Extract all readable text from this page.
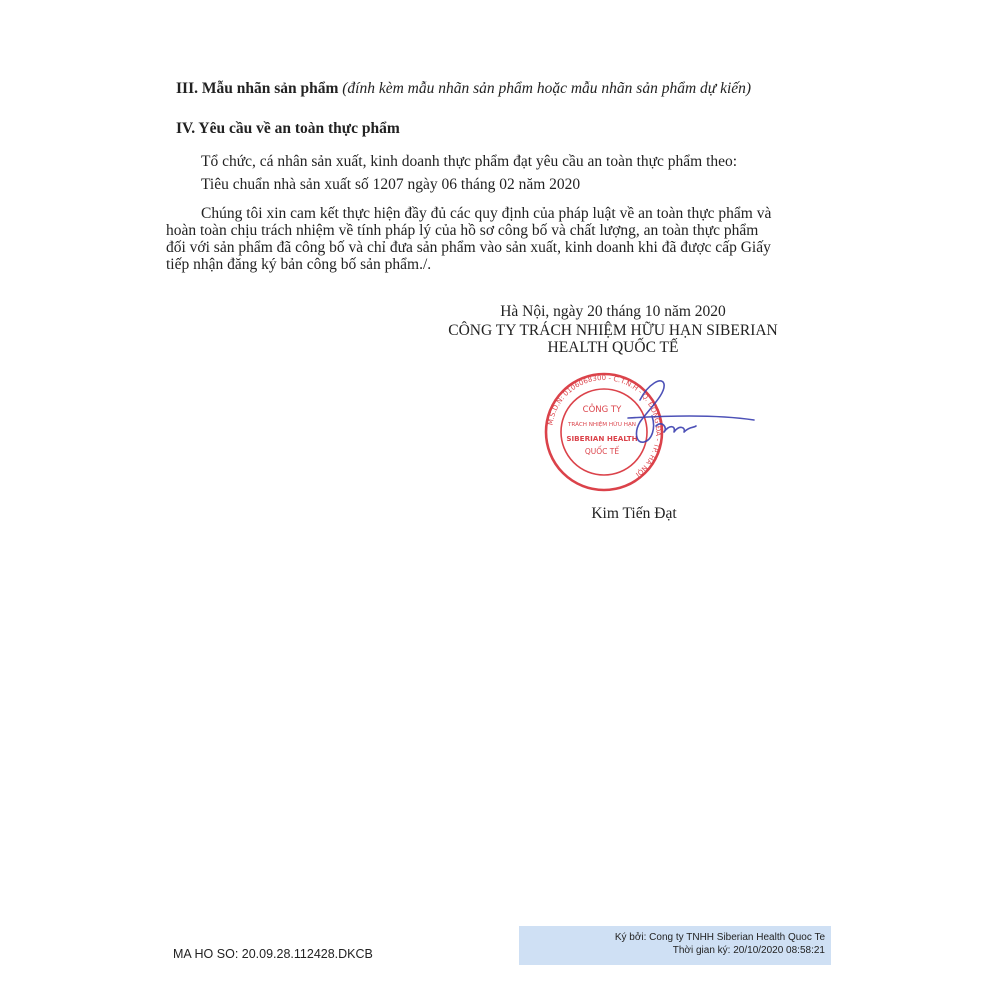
III. Mẫu nhãn sản phẩm (đính kèm mẫu nhãn sản phẩm hoặc mẫu nhãn sản phẩm dự kiến)
IV. Yêu cầu về an toàn thực phẩm
Tổ chức, cá nhân sản xuất, kinh doanh thực phẩm đạt yêu cầu an toàn thực phẩm theo:
Tiêu chuẩn nhà sản xuất số 1207 ngày 06 tháng 02 năm 2020
Chúng tôi xin cam kết thực hiện đầy đủ các quy định của pháp luật về an toàn thực phẩm và
hoàn toàn chịu trách nhiệm về tính pháp lý của hồ sơ công bố và chất lượng, an toàn thực phẩm
đối với sản phẩm đã công bố và chỉ đưa sản phẩm vào sản xuất, kinh doanh khi đã được cấp Giấy
tiếp nhận đăng ký bản công bố sản phẩm./.
Hà Nội, ngày 20 tháng 10 năm 2020
CÔNG TY TRÁCH NHIỆM HỮU HẠN SIBERIAN
HEALTH QUỐC TẾ
M.S.D.N: 0106068300 - C.T.N.H - Q. ĐỐNG ĐA - TP. HÀ NỘI
CÔNG TY
TRÁCH NHIỆM HỮU HẠN
SIBERIAN HEALTH
QUỐC TẾ
Kim Tiến Đạt
MA HO SO: 20.09.28.112428.DKCB
Ký bởi: Cong ty TNHH Siberian Health Quoc Te
Thời gian ký: 20/10/2020 08:58:21
